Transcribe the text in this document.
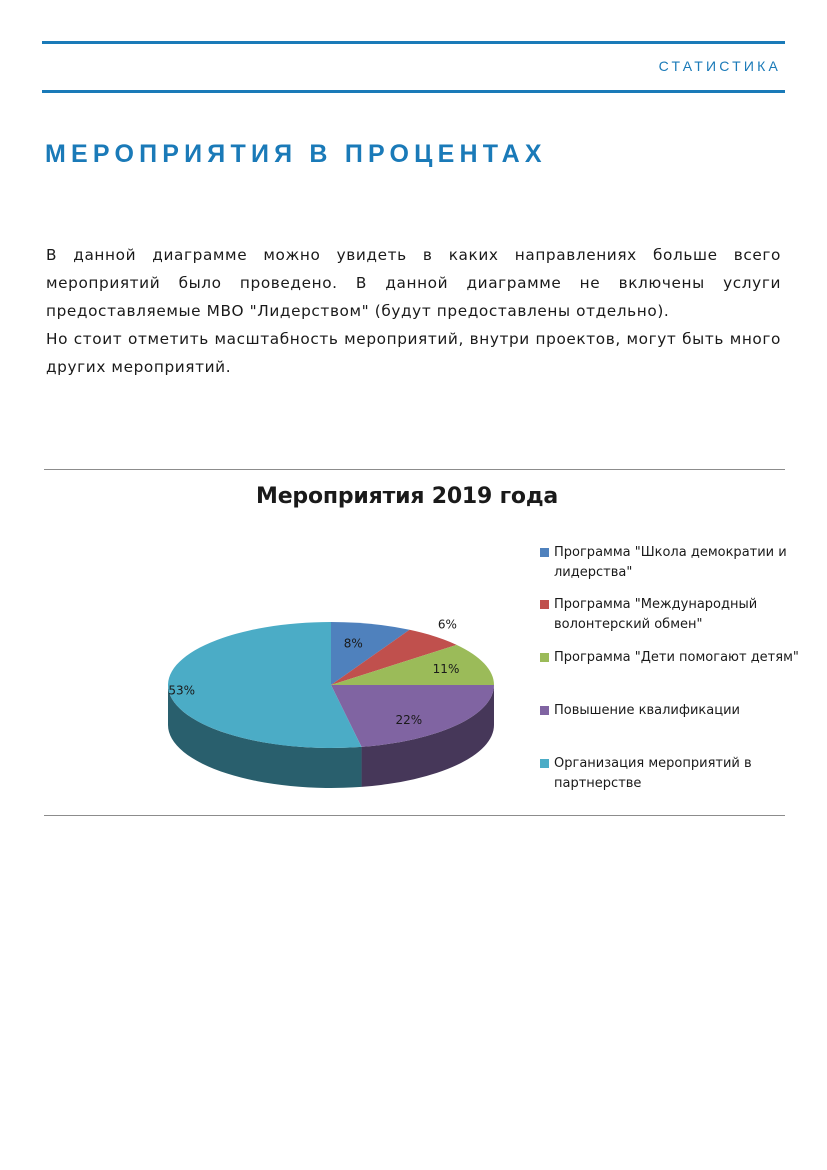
СТАТИСТИКА
МЕРОПРИЯТИЯ В ПРОЦЕНТАХ

В данной диаграмме можно увидеть в каких направлениях больше всего мероприятий было проведено. В данной диаграмме не включены услуги предоставляемые МВО "Лидерством" (будут предоставлены отдельно).

Но стоит отметить масштабность мероприятий, внутри проектов, могут быть много других мероприятий.

Мероприятия 2019 года
8%
6%
11%
22%
53%
Программа "Школа демократии и лидерства"
Программа "Международный волонтерский обмен"
Программа "Дети помогают детям"
Повышение квалификации
Организация мероприятий в партнерстве
